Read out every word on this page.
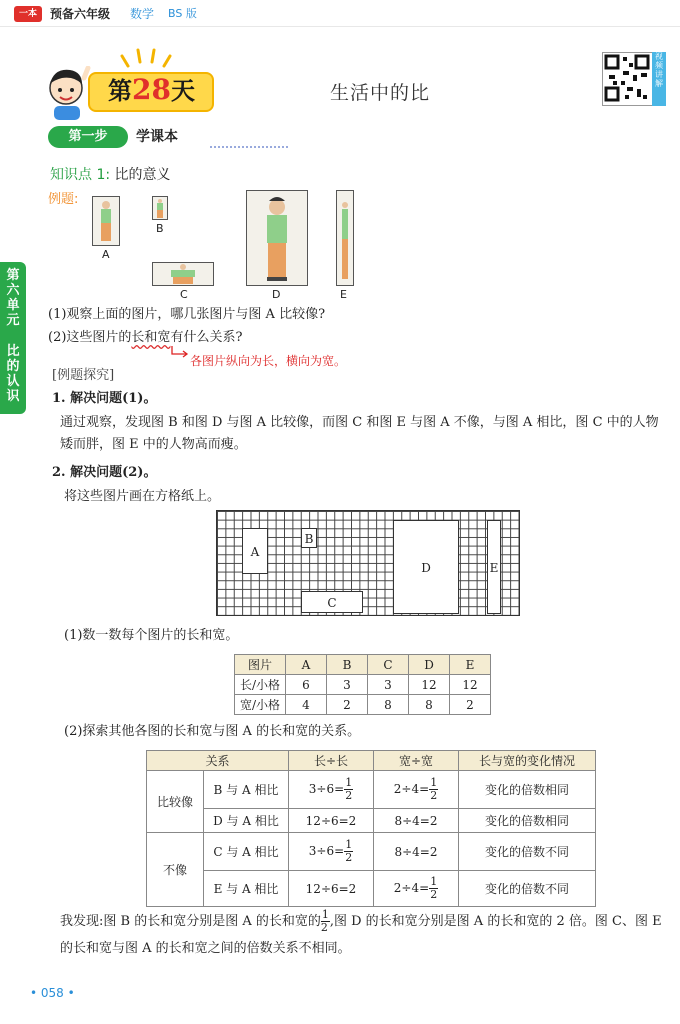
一本	预备六年级 数学 BS 版
第28天	生活中的比
视频讲解
第一步	学课本
知识点 1: 比的意义
例题:
第六单元
比的认识
A
B
C	D	E
(1)观察上面的图片，哪几张图片与图 A 比较像?
(2)这些图片的长和宽有什么关系?
各图片纵向为长，横向为宽。
[例题探究]
1. 解决问题(1)。
通过观察，发现图 B 和图 D 与图 A 比较像，而图 C 和图 E 与图 A 不像，与图 A 相比，图 C 中的人物矮而胖，图 E 中的人物高而瘦。
2. 解决问题(2)。
将这些图片画在方格纸上。
A
B
C
D	E
(1)数一数每个图片的长和宽。
图片	A	B	C	D	E
长/小格	6	3	3	12	12
宽/小格	4	2	8	8	2
(2)探索其他各图的长和宽与图 A 的长和宽的关系。
关系		长÷长	宽÷宽	长与宽的变化情况
比较像	B 与 A 相比	$3\div 6= \frac{1}{2}$	$2\div 4= \frac{1}{2}$	变化的倍数相同
	D 与 A 相比	12÷6=2	8÷4=2	变化的倍数相同
不像	C 与 A 相比	$3\div 6= \frac{1}{2}$	8÷4=2	变化的倍数不同
	E 与 A 相比	12÷6=2	$2\div 4= \frac{1}{2}$	变化的倍数不同
我发现:图 B 的长和宽分别是图 A 的长和宽的 $\frac{1}{2}$ ,图 D 的长和宽分别是图 A 的长和宽的 2 倍。图 C、图 E 的长和宽与图 A 的长和宽之间的倍数关系不相同。
• 058 •
